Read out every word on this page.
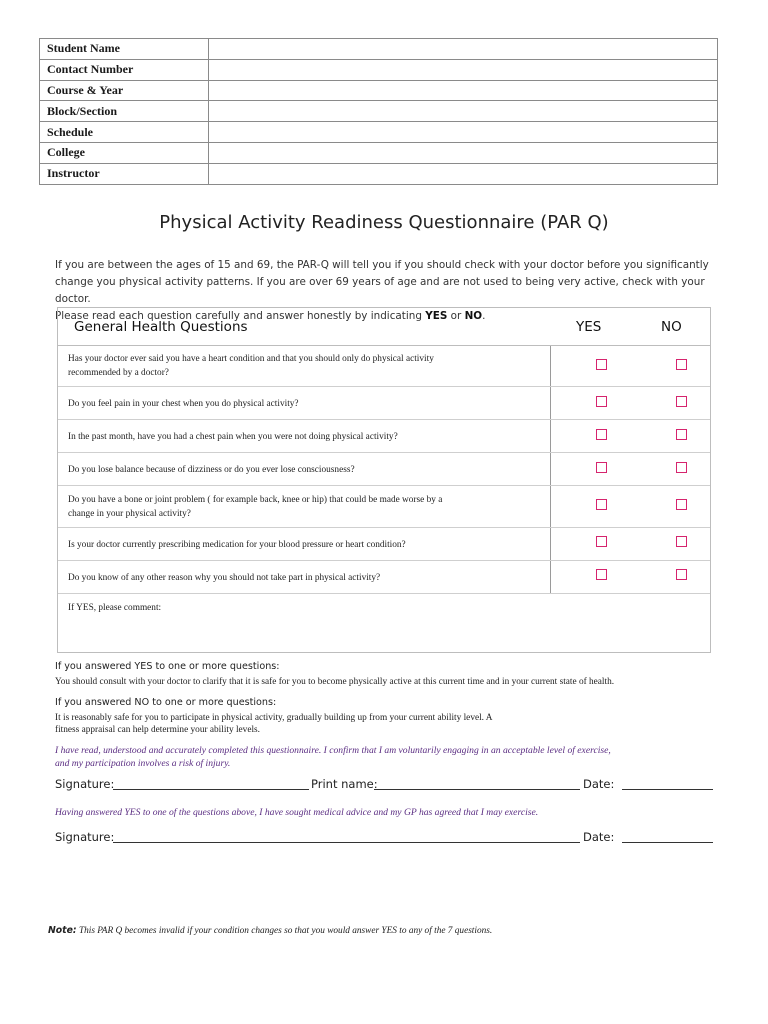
Student Name	
Contact Number	
Course & Year	
Block/Section	
Schedule	
College	
Instructor	
Physical Activity Readiness Questionnaire (PAR Q)
If you are between the ages of 15 and 69, the PAR-Q will tell you if you should check with your doctor before you significantly
change you physical activity patterns. If you are over 69 years of age and are not used to being very active, check with your doctor.
Please read each question carefully and answer honestly by indicating YES or NO.
General Health Questions	YES	NO
Has your doctor ever said you have a heart condition and that you should only do physical activity
recommended by a doctor?
Do you feel pain in your chest when you do physical activity?
In the past month, have you had a chest pain when you were not doing physical activity?
Do you lose balance because of dizziness or do you ever lose consciousness?
Do you have a bone or joint problem ( for example back, knee or hip) that could be made worse by a
change in your physical activity?
Is your doctor currently prescribing medication for your blood pressure or heart condition?
Do you know of any other reason why you should not take part in physical activity?
If YES, please comment:
If you answered YES to one or more questions:
You should consult with your doctor to clarify that it is safe for you to become physically active at this current time and in your current state of health.
If you answered NO to one or more questions:
It is reasonably safe for you to participate in physical activity, gradually building up from your current ability level. A
fitness appraisal can help determine your ability levels.
I have read, understood and accurately completed this questionnaire. I confirm that I am voluntarily engaging in an acceptable level of exercise,
and my participation involves a risk of injury.
Signature:	Print name:	Date:
Having answered YES to one of the questions above, I have sought medical advice and my GP has agreed that I may exercise.
Signature:	Date:
Note: This PAR Q becomes invalid if your condition changes so that you would answer YES to any of the 7 questions.
